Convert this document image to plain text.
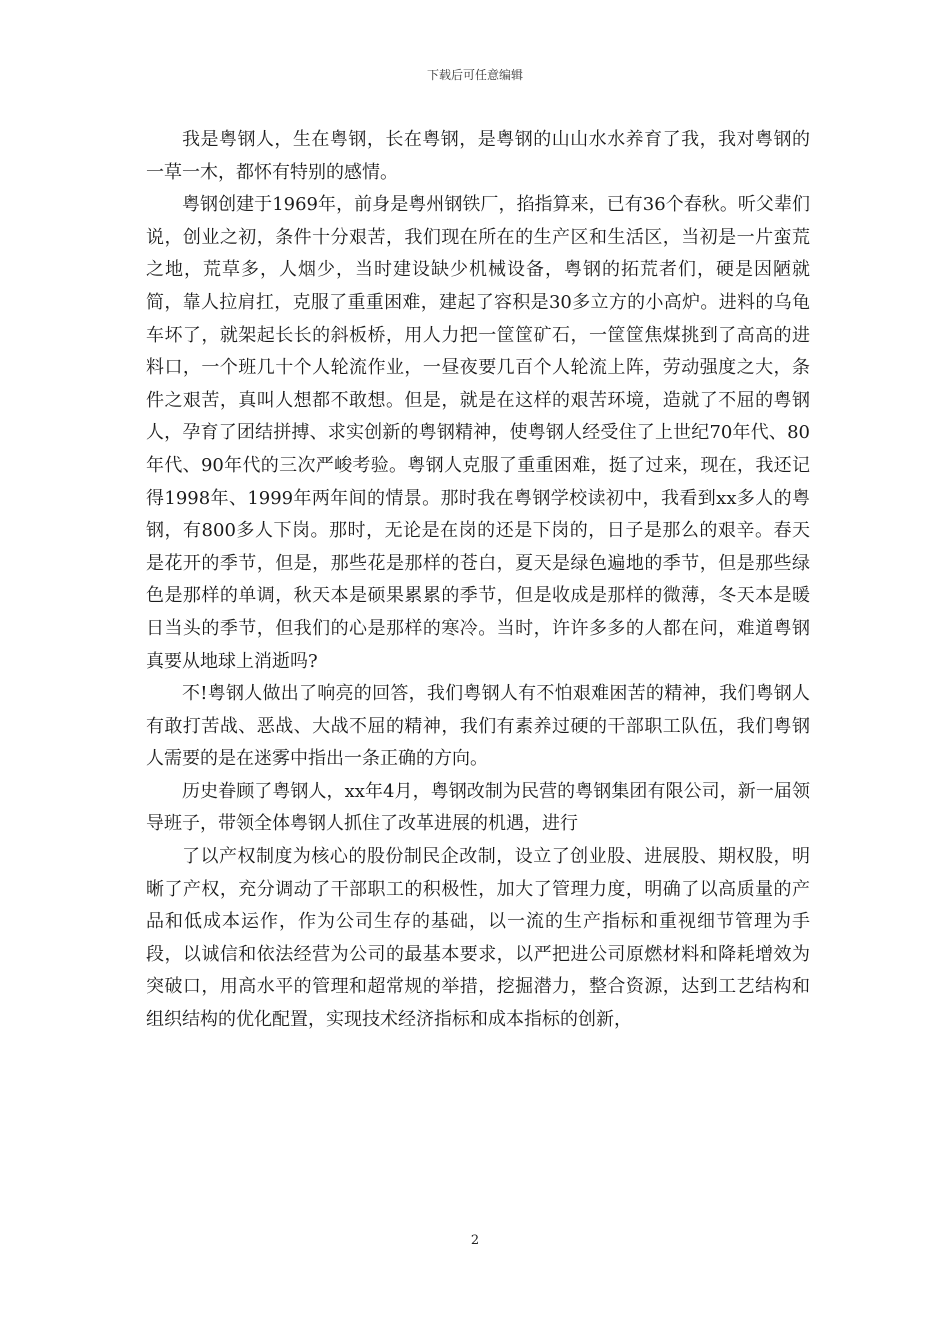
下载后可任意编辑

我是粤钢人，生在粤钢，长在粤钢，是粤钢的山山水水养育了我，我对粤钢的一草一木，都怀有特别的感情。

粤钢创建于1969年，前身是粤州钢铁厂，掐指算来，已有36个春秋。听父辈们说，创业之初，条件十分艰苦，我们现在所在的生产区和生活区，当初是一片蛮荒之地，荒草多，人烟少，当时建设缺少机械设备，粤钢的拓荒者们，硬是因陋就简，靠人拉肩扛，克服了重重困难，建起了容积是30多立方的小高炉。进料的乌龟车坏了，就架起长长的斜板桥，用人力把一筐筐矿石，一筐筐焦煤挑到了高高的进料口，一个班几十个人轮流作业，一昼夜要几百个人轮流上阵，劳动强度之大，条件之艰苦，真叫人想都不敢想。但是，就是在这样的艰苦环境，造就了不屈的粤钢人，孕育了团结拼搏、求实创新的粤钢精神，使粤钢人经受住了上世纪70年代、80年代、90年代的三次严峻考验。粤钢人克服了重重困难，挺了过来，现在，我还记得1998年、1999年两年间的情景。那时我在粤钢学校读初中，我看到xx多人的粤钢，有800多人下岗。那时，无论是在岗的还是下岗的，日子是那么的艰辛。春天是花开的季节，但是，那些花是那样的苍白，夏天是绿色遍地的季节，但是那些绿色是那样的单调，秋天本是硕果累累的季节，但是收成是那样的微薄，冬天本是暖日当头的季节，但我们的心是那样的寒冷。当时，许许多多的人都在问，难道粤钢真要从地球上消逝吗?

不!粤钢人做出了响亮的回答，我们粤钢人有不怕艰难困苦的精神，我们粤钢人有敢打苦战、恶战、大战不屈的精神，我们有素养过硬的干部职工队伍，我们粤钢人需要的是在迷雾中指出一条正确的方向。

历史眷顾了粤钢人，xx年4月，粤钢改制为民营的粤钢集团有限公司，新一届领导班子，带领全体粤钢人抓住了改革进展的机遇，进行

了以产权制度为核心的股份制民企改制，设立了创业股、进展股、期权股，明晰了产权，充分调动了干部职工的积极性，加大了管理力度，明确了以高质量的产品和低成本运作，作为公司生存的基础，以一流的生产指标和重视细节管理为手段，以诚信和依法经营为公司的最基本要求，以严把进公司原燃材料和降耗增效为突破口，用高水平的管理和超常规的举措，挖掘潜力，整合资源，达到工艺结构和组织结构的优化配置，实现技术经济指标和成本指标的创新，

2
